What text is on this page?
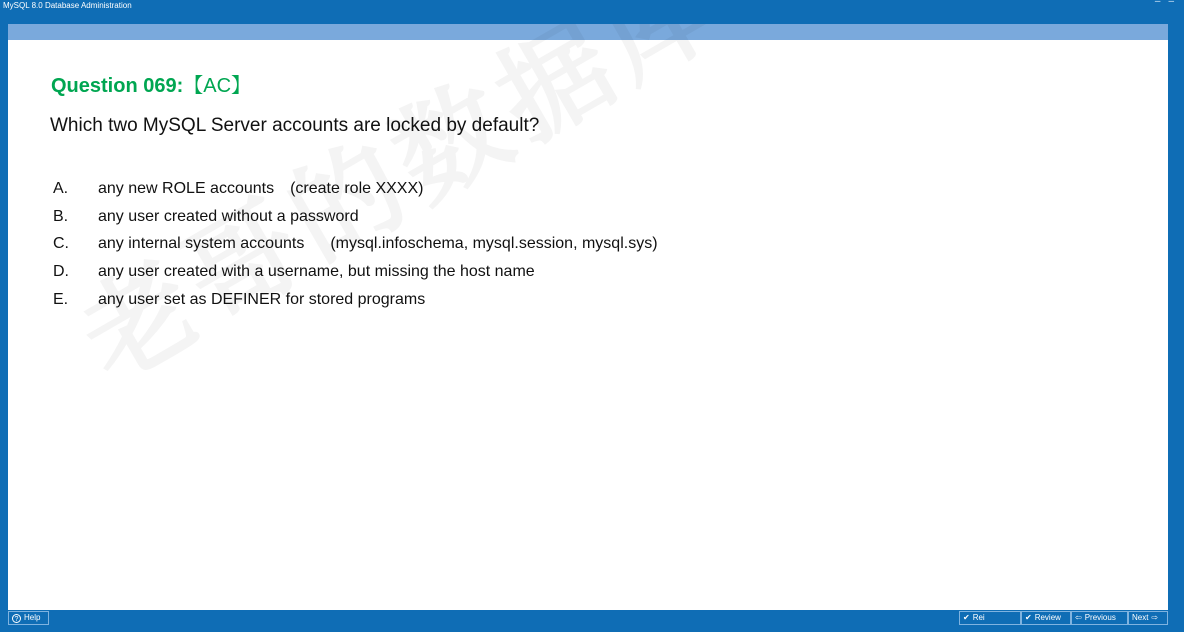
MySQL 8.0 Database Administration	– –
Question 069:【AC】

Which two MySQL Server accounts are locked by default?

A.	any new ROLE accounts (create role XXXX)
B.	any user created without a password
C.	any internal system accounts (mysql.infoschema, mysql.session, mysql.sys)
D.	any user created with a username, but missing the host name
E.	any user set as DEFINER for stored programs
? Help	✔ Rei	✔ Review ⇦ Previous Next ⇨
